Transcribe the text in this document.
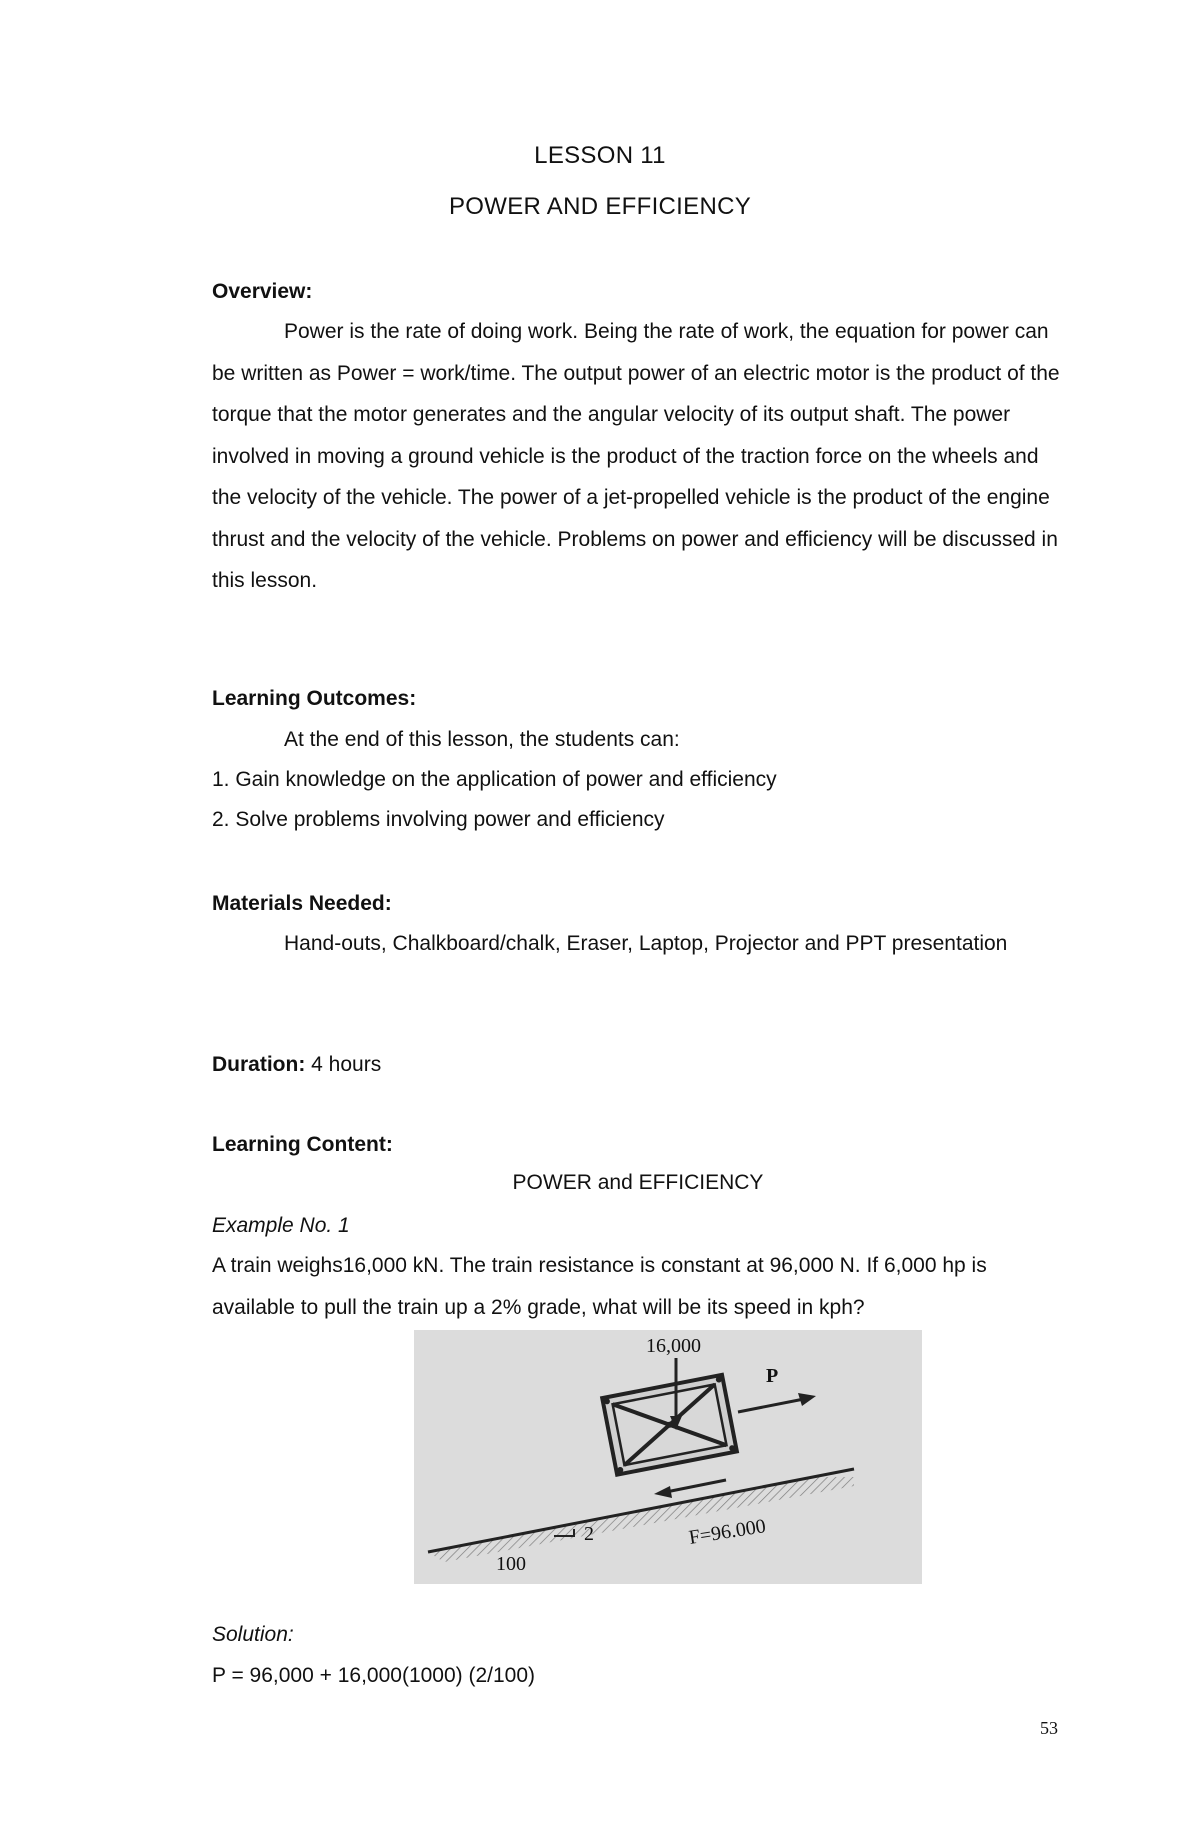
LESSON 11
POWER AND EFFICIENCY
Overview:
Power is the rate of doing work. Being the rate of work, the equation for power can be written as Power = work/time. The output power of an electric motor is the product of the torque that the motor generates and the angular velocity of its output shaft. The power involved in moving a ground vehicle is the product of the traction force on the wheels and the velocity of the vehicle. The power of a jet-propelled vehicle is the product of the engine thrust and the velocity of the vehicle. Problems on power and efficiency will be discussed in this lesson.
Learning Outcomes:
At the end of this lesson, the students can:
1. Gain knowledge on the application of power and efficiency
2. Solve problems involving power and efficiency
Materials Needed:
Hand-outs, Chalkboard/chalk, Eraser, Laptop, Projector and PPT presentation
Duration: 4 hours
Learning Content:
POWER and EFFICIENCY
Example No. 1
A train weighs16,000 kN. The train resistance is constant at 96,000 N. If 6,000 hp is available to pull the train up a 2% grade, what will be its speed in kph?
2
100
16,000
P
F=96.000
Solution:
P = 96,000 + 16,000(1000) (2/100)
53
